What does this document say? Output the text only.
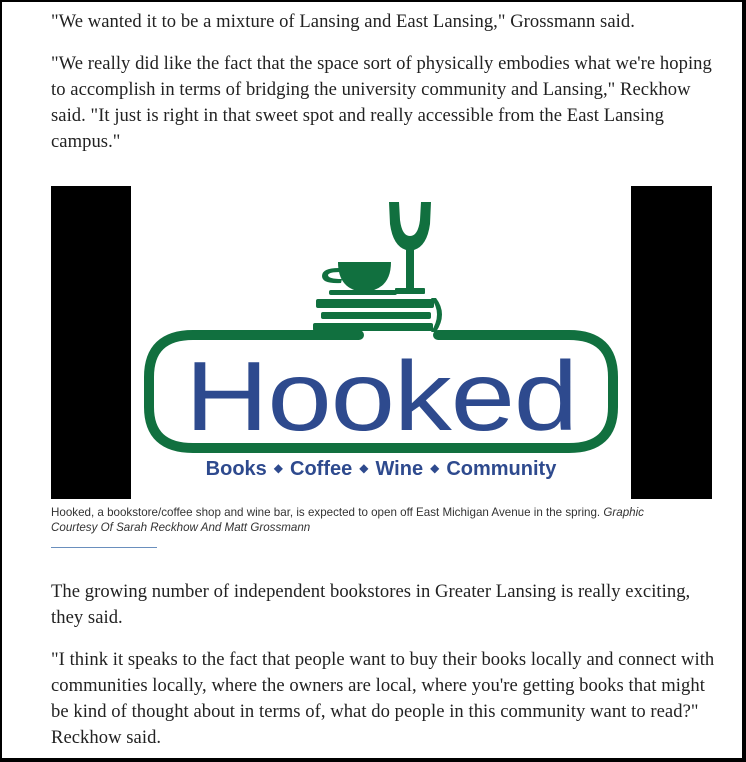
"We wanted it to be a mixture of Lansing and East Lansing," Grossmann said.

"We really did like the fact that the space sort of physically embodies what we're hoping to accomplish in terms of bridging the university community and Lansing," Reckhow said. "It just is right in that sweet spot and really accessible from the East Lansing campus."

Hooked
Books ◆ Coffee ◆ Wine ◆ Community
Hooked, a bookstore/coffee shop and wine bar, is expected to open off East Michigan Avenue in the spring. Graphic Courtesy Of Sarah Reckhow And Matt Grossmann

The growing number of independent bookstores in Greater Lansing is really exciting, they said.

"I think it speaks to the fact that people want to buy their books locally and connect with communities locally, where the owners are local, where you're getting books that might be kind of thought about in terms of, what do people in this community want to read?" Reckhow said.
